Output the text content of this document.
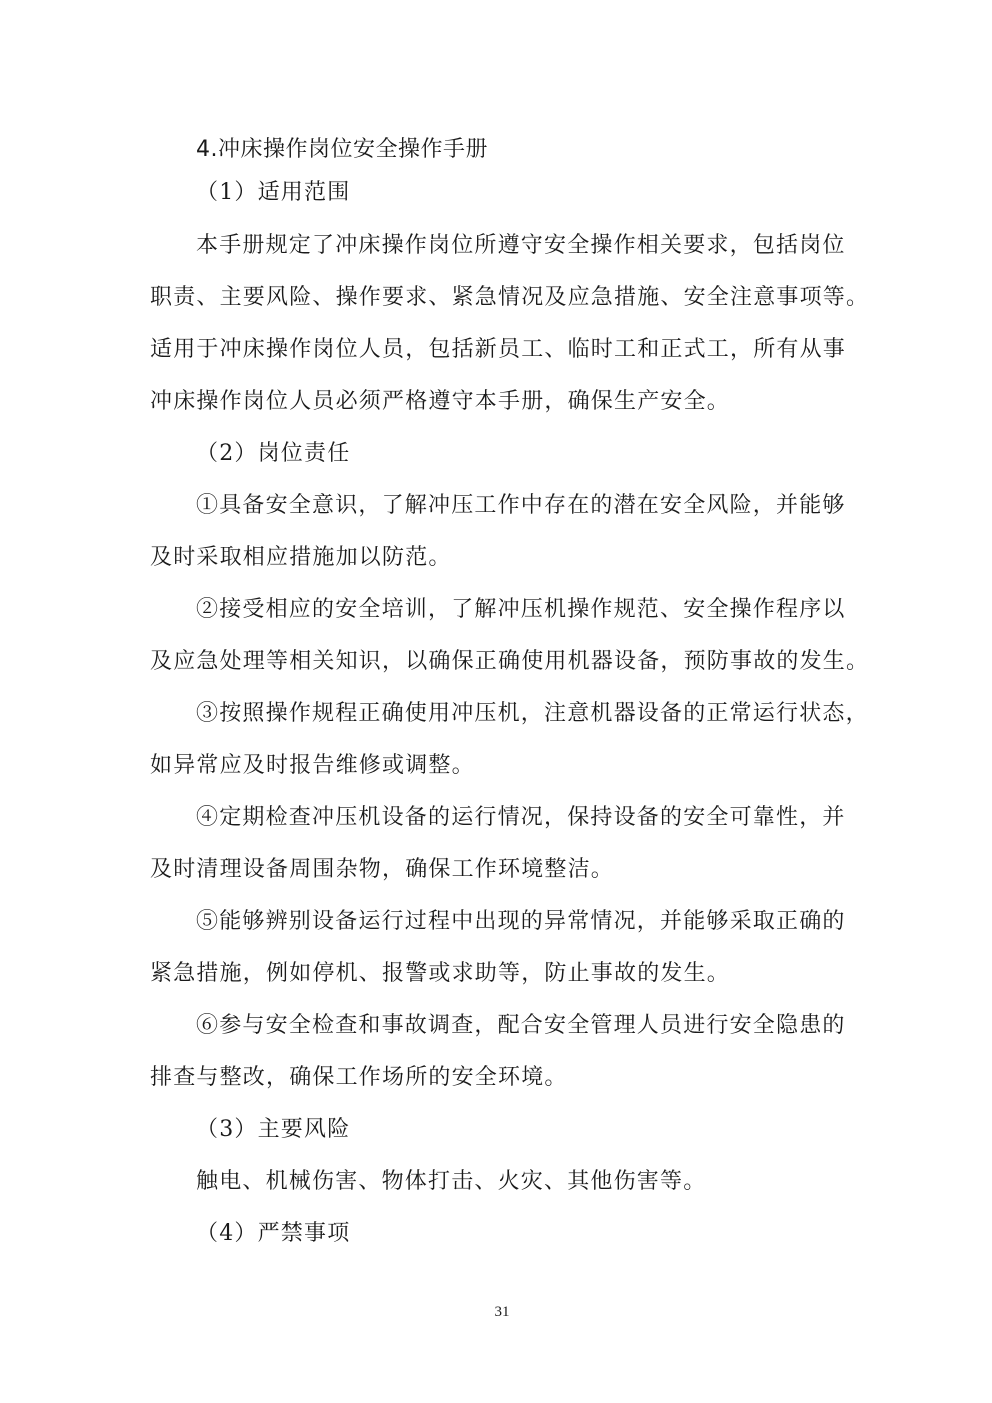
4.冲床操作岗位安全操作手册
（1）适用范围
本手册规定了冲床操作岗位所遵守安全操作相关要求，包括岗位
职责、主要风险、操作要求、紧急情况及应急措施、安全注意事项等。
适用于冲床操作岗位人员，包括新员工、临时工和正式工，所有从事
冲床操作岗位人员必须严格遵守本手册，确保生产安全。
（2）岗位责任
①具备安全意识，了解冲压工作中存在的潜在安全风险，并能够
及时采取相应措施加以防范。
②接受相应的安全培训，了解冲压机操作规范、安全操作程序以
及应急处理等相关知识，以确保正确使用机器设备，预防事故的发生。
③按照操作规程正确使用冲压机，注意机器设备的正常运行状态，
如异常应及时报告维修或调整。
④定期检查冲压机设备的运行情况，保持设备的安全可靠性，并
及时清理设备周围杂物，确保工作环境整洁。
⑤能够辨别设备运行过程中出现的异常情况，并能够采取正确的
紧急措施，例如停机、报警或求助等，防止事故的发生。
⑥参与安全检查和事故调查，配合安全管理人员进行安全隐患的
排查与整改，确保工作场所的安全环境。
（3）主要风险
触电、机械伤害、物体打击、火灾、其他伤害等。
（4）严禁事项
31
